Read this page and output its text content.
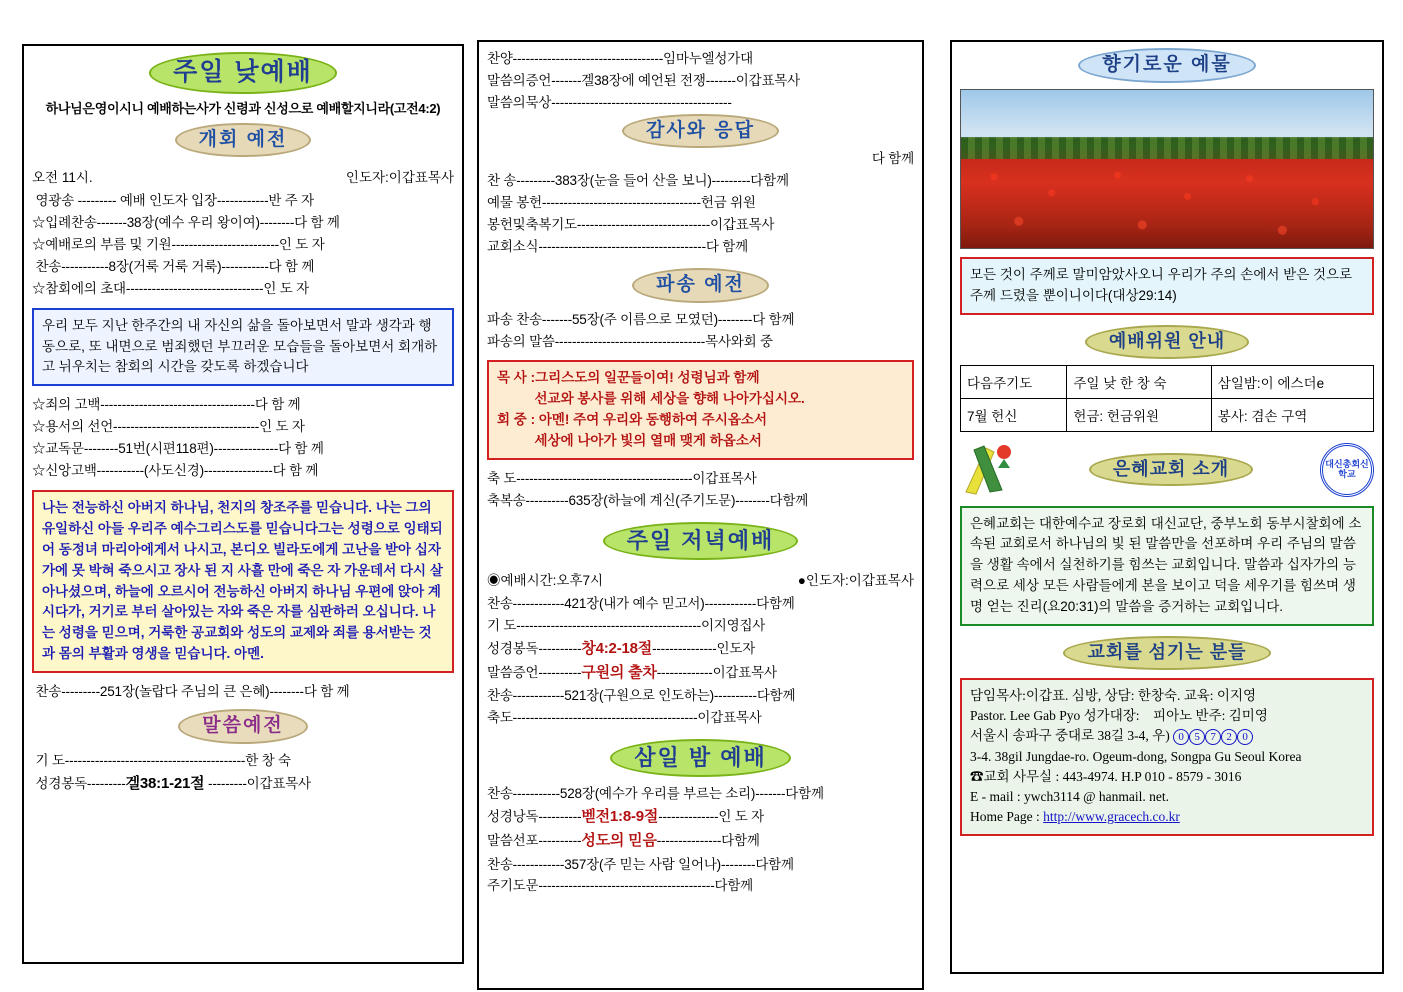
주일 낮예배
하나님은영이시니 예배하는사가 신령과 신성으로 예배할지니라(고전4:2)
개회 예전
오전 11시.	인도자:이갑표목사
영광송 --------- 예배 인도자 입장------------반 주 자
☆입례찬송-------38장(예수 우리 왕이여)--------다 함 께
☆예배로의 부름 및 기원-------------------------인 도 자
찬송-----------8장(거룩 거룩 거룩)-----------다 함 께
☆참회에의 초대--------------------------------인 도 자
우리 모두 지난 한주간의 내 자신의 삶을 돌아보면서 말과 생각과 행동으로, 또 내면으로 범죄했던 부끄러운 모습들을 돌아보면서 회개하고 뉘우치는 참회의 시간을 갖도록 하겠습니다
☆죄의 고백------------------------------------다 함 께
☆용서의 선언----------------------------------인 도 자
☆교독문--------51번(시편118편)---------------다 함 께
☆신앙고백-----------(사도신경)----------------다 함 께
나는 전능하신 아버지 하나님, 천지의 창조주를 믿습니다. 나는 그의 유일하신 아들 우리주 예수그리스도를 믿습니다그는 성령으로 잉태되어 동정녀 마리아에게서 나시고, 본디오 빌라도에게 고난을 받아 십자가에 못 박혀 죽으시고 장사 된 지 사흘 만에 죽은 자 가운데서 다시 살아나셨으며, 하늘에 오르시어 전능하신 아버지 하나님 우편에 앉아 계시다가, 거기로 부터 살아있는 자와 죽은 자를 심판하러 오십니다. 나는 성령을 믿으며, 거룩한 공교회와 성도의 교제와 죄를 용서받는 것과 몸의 부활과 영생을 믿습니다. 아멘.
찬송---------251장(놀랍다 주님의 큰 은혜)--------다 함 께
말씀예전
기 도------------------------------------------한 창 숙
성경봉독---------겔38:1-21절 ---------이갑표목사
찬양-----------------------------------임마누엘성가대
말씀의증언-------겔38장에 예언된 전쟁-------이갑표목사
말씀의묵상------------------------------------------
감사와 응답
다 함께
찬 송---------383장(눈을 들어 산을 보니)---------다함께
예물 봉헌-------------------------------------헌금 위원
봉헌및축복기도-------------------------------이갑표목사
교회소식---------------------------------------다 함께
파송 예전
파송 찬송-------55장(주 이름으로 모였던)--------다 함께
파송의 말씀-----------------------------------목사와회 중
목 사 :그리스도의 일꾼들이여! 성령님과 함께
선교와 봉사를 위해 세상을 향해 나아가십시오.
회 중 : 아멘! 주여 우리와 동행하여 주시옵소서
세상에 나아가 빛의 열매 맺게 하옵소서
축 도-----------------------------------------이갑표목사
축복송----------635장(하늘에 계신(주기도문)--------다함께
주일 저녁예배
◉예배시간:오후7시	●인도자:이갑표목사
찬송------------421장(내가 예수 믿고서)------------다함께
기 도-------------------------------------------이지영집사
성경봉독----------창4:2-18절---------------인도자
말씀증언----------구원의 출차-------------이갑표목사
찬송------------521장(구원으로 인도하는)----------다함께
축도-------------------------------------------이갑표목사
삼일 밤 예배
찬송-----------528장(예수가 우리를 부르는 소리)-------다함께
성경낭독----------벧전1:8-9절--------------인 도 자
말씀선포----------성도의 믿음---------------다함께
찬송------------357장(주 믿는 사람 일어나)--------다함께
주기도문-----------------------------------------다함께
향기로운 예물
모든 것이 주께로 말미암았사오니 우리가 주의 손에서 받은 것으로 주께 드렸을 뿐이니이다(대상29:14)
예배위원 안내
다음주기도	주일 낮 한 창 숙	삼일밤:이 에스더e
7월 헌신	헌금: 헌금위원	봉사: 겸손 구역
은혜교회 소개	대신총회신학교
은혜교회는 대한예수교 장로회 대신교단, 중부노회 동부시찰회에 소속된 교회로서 하나님의 빛 된 말씀만을 선포하며 우리 주님의 말씀을 생활 속에서 실천하기를 힘쓰는 교회입니다. 말씀과 십자가의 능력으로 세상 모든 사람들에게 본을 보이고 덕을 세우기를 힘쓰며 생명 얻는 진리(요20:31)의 말씀을 증거하는 교회입니다.
교회를 섬기는 분들
담임목사:이갑표. 심방, 상담: 한창숙. 교육: 이지영
Pastor. Lee Gab Pyo 성가대장: 피아노 반주: 김미영
서울시 송파구 중대로 38길 3-4, 우) 0 5 7 2 0
3-4. 38gil Jungdae-ro. Ogeum-dong, Songpa Gu Seoul Korea
☎교회 사무실 : 443-4974. H.P 010 - 8579 - 3016
E - mail : ywch3114 @ hanmail. net.
Home Page : http://www.gracech.co.kr
